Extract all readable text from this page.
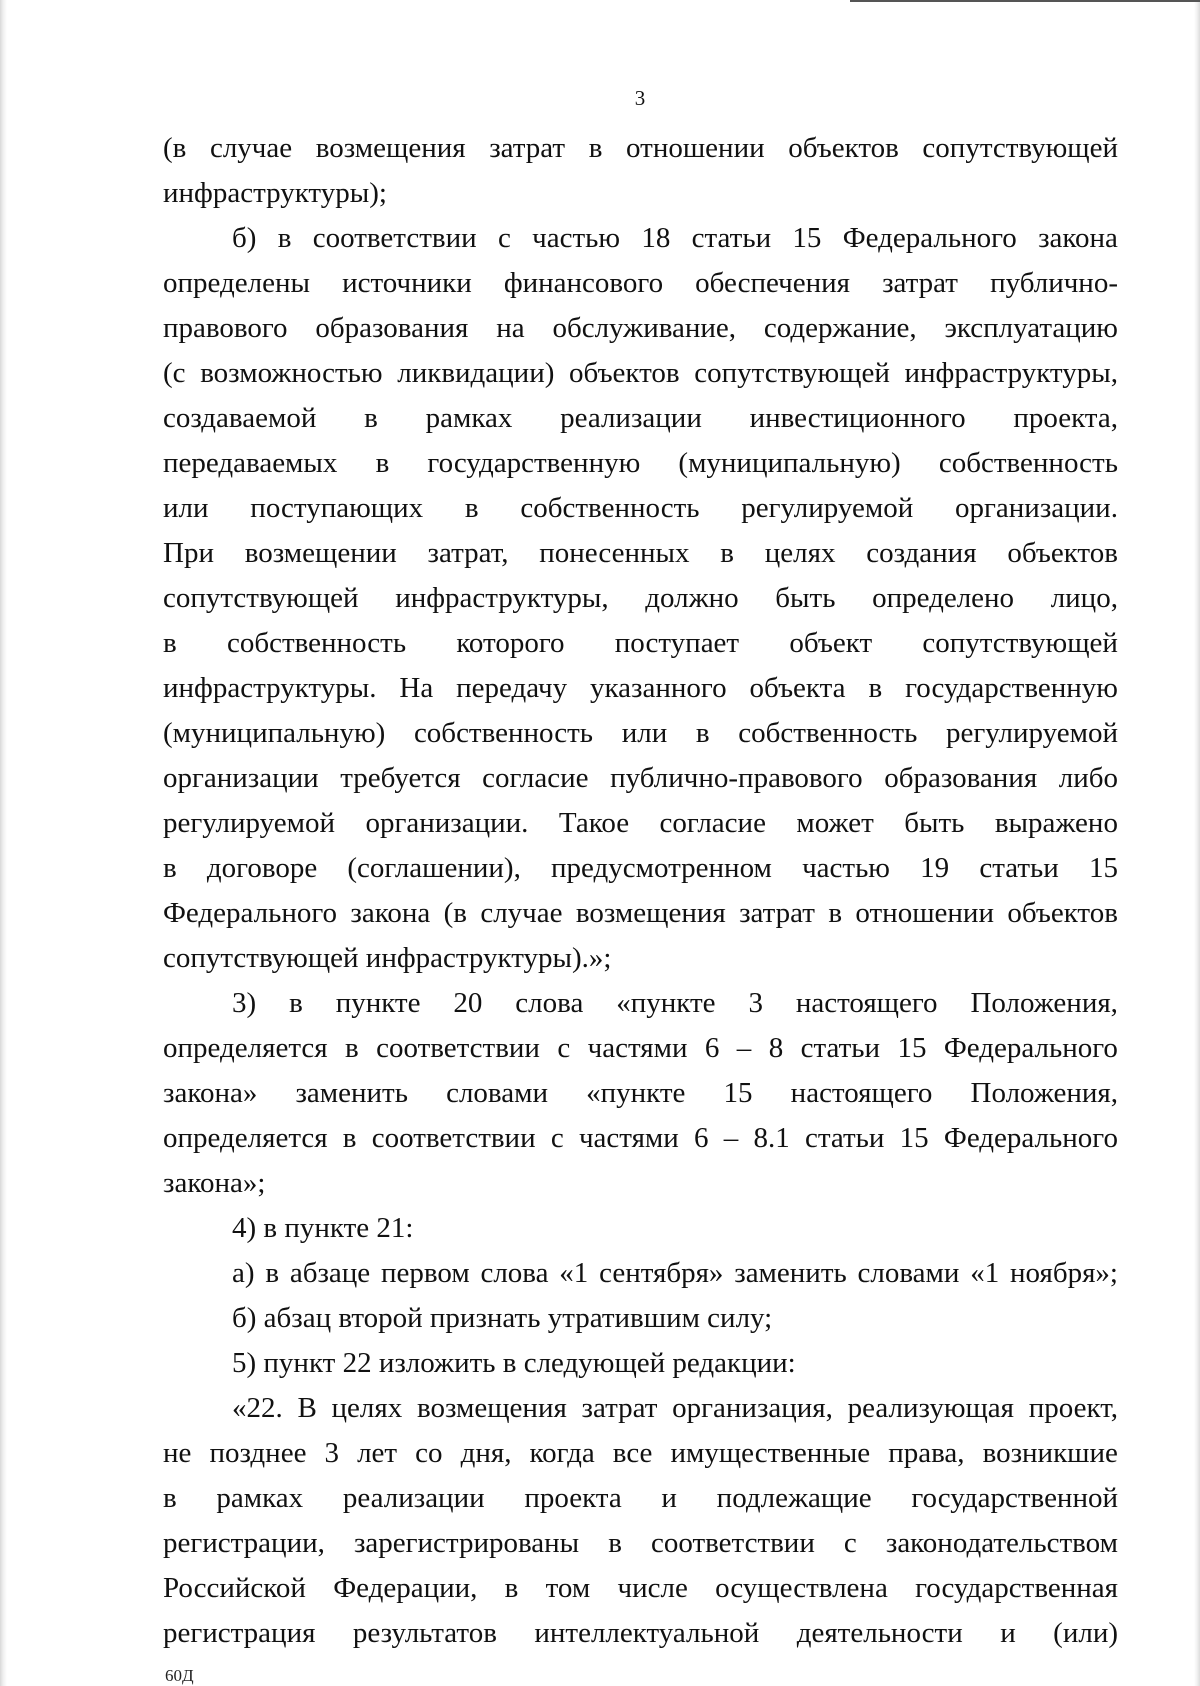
3
(в случае возмещения затрат в отношении объектов сопутствующей
инфраструктуры);
б) в соответствии с частью 18 статьи 15 Федерального закона
определены источники финансового обеспечения затрат публично-
правового образования на обслуживание, содержание, эксплуатацию
(с возможностью ликвидации) объектов сопутствующей инфраструктуры,
создаваемой в рамках реализации инвестиционного проекта,
передаваемых в государственную (муниципальную) собственность
или поступающих в собственность регулируемой организации.
При возмещении затрат, понесенных в целях создания объектов
сопутствующей инфраструктуры, должно быть определено лицо,
в собственность которого поступает объект сопутствующей
инфраструктуры. На передачу указанного объекта в государственную
(муниципальную) собственность или в собственность регулируемой
организации требуется согласие публично-правового образования либо
регулируемой организации. Такое согласие может быть выражено
в договоре (соглашении), предусмотренном частью 19 статьи 15
Федерального закона (в случае возмещения затрат в отношении объектов
сопутствующей инфраструктуры).»;
3) в пункте 20 слова «пункте 3 настоящего Положения,
определяется в соответствии с частями 6 – 8 статьи 15 Федерального
закона» заменить словами «пункте 15 настоящего Положения,
определяется в соответствии с частями 6 – 8.1 статьи 15 Федерального
закона»;
4) в пункте 21:
а) в абзаце первом слова «1 сентября» заменить словами «1 ноября»;
б) абзац второй признать утратившим силу;
5) пункт 22 изложить в следующей редакции:
«22. В целях возмещения затрат организация, реализующая проект,
не позднее 3 лет со дня, когда все имущественные права, возникшие
в рамках реализации проекта и подлежащие государственной
регистрации, зарегистрированы в соответствии с законодательством
Российской Федерации, в том числе осуществлена государственная
регистрация результатов интеллектуальной деятельности и (или)
60Д
